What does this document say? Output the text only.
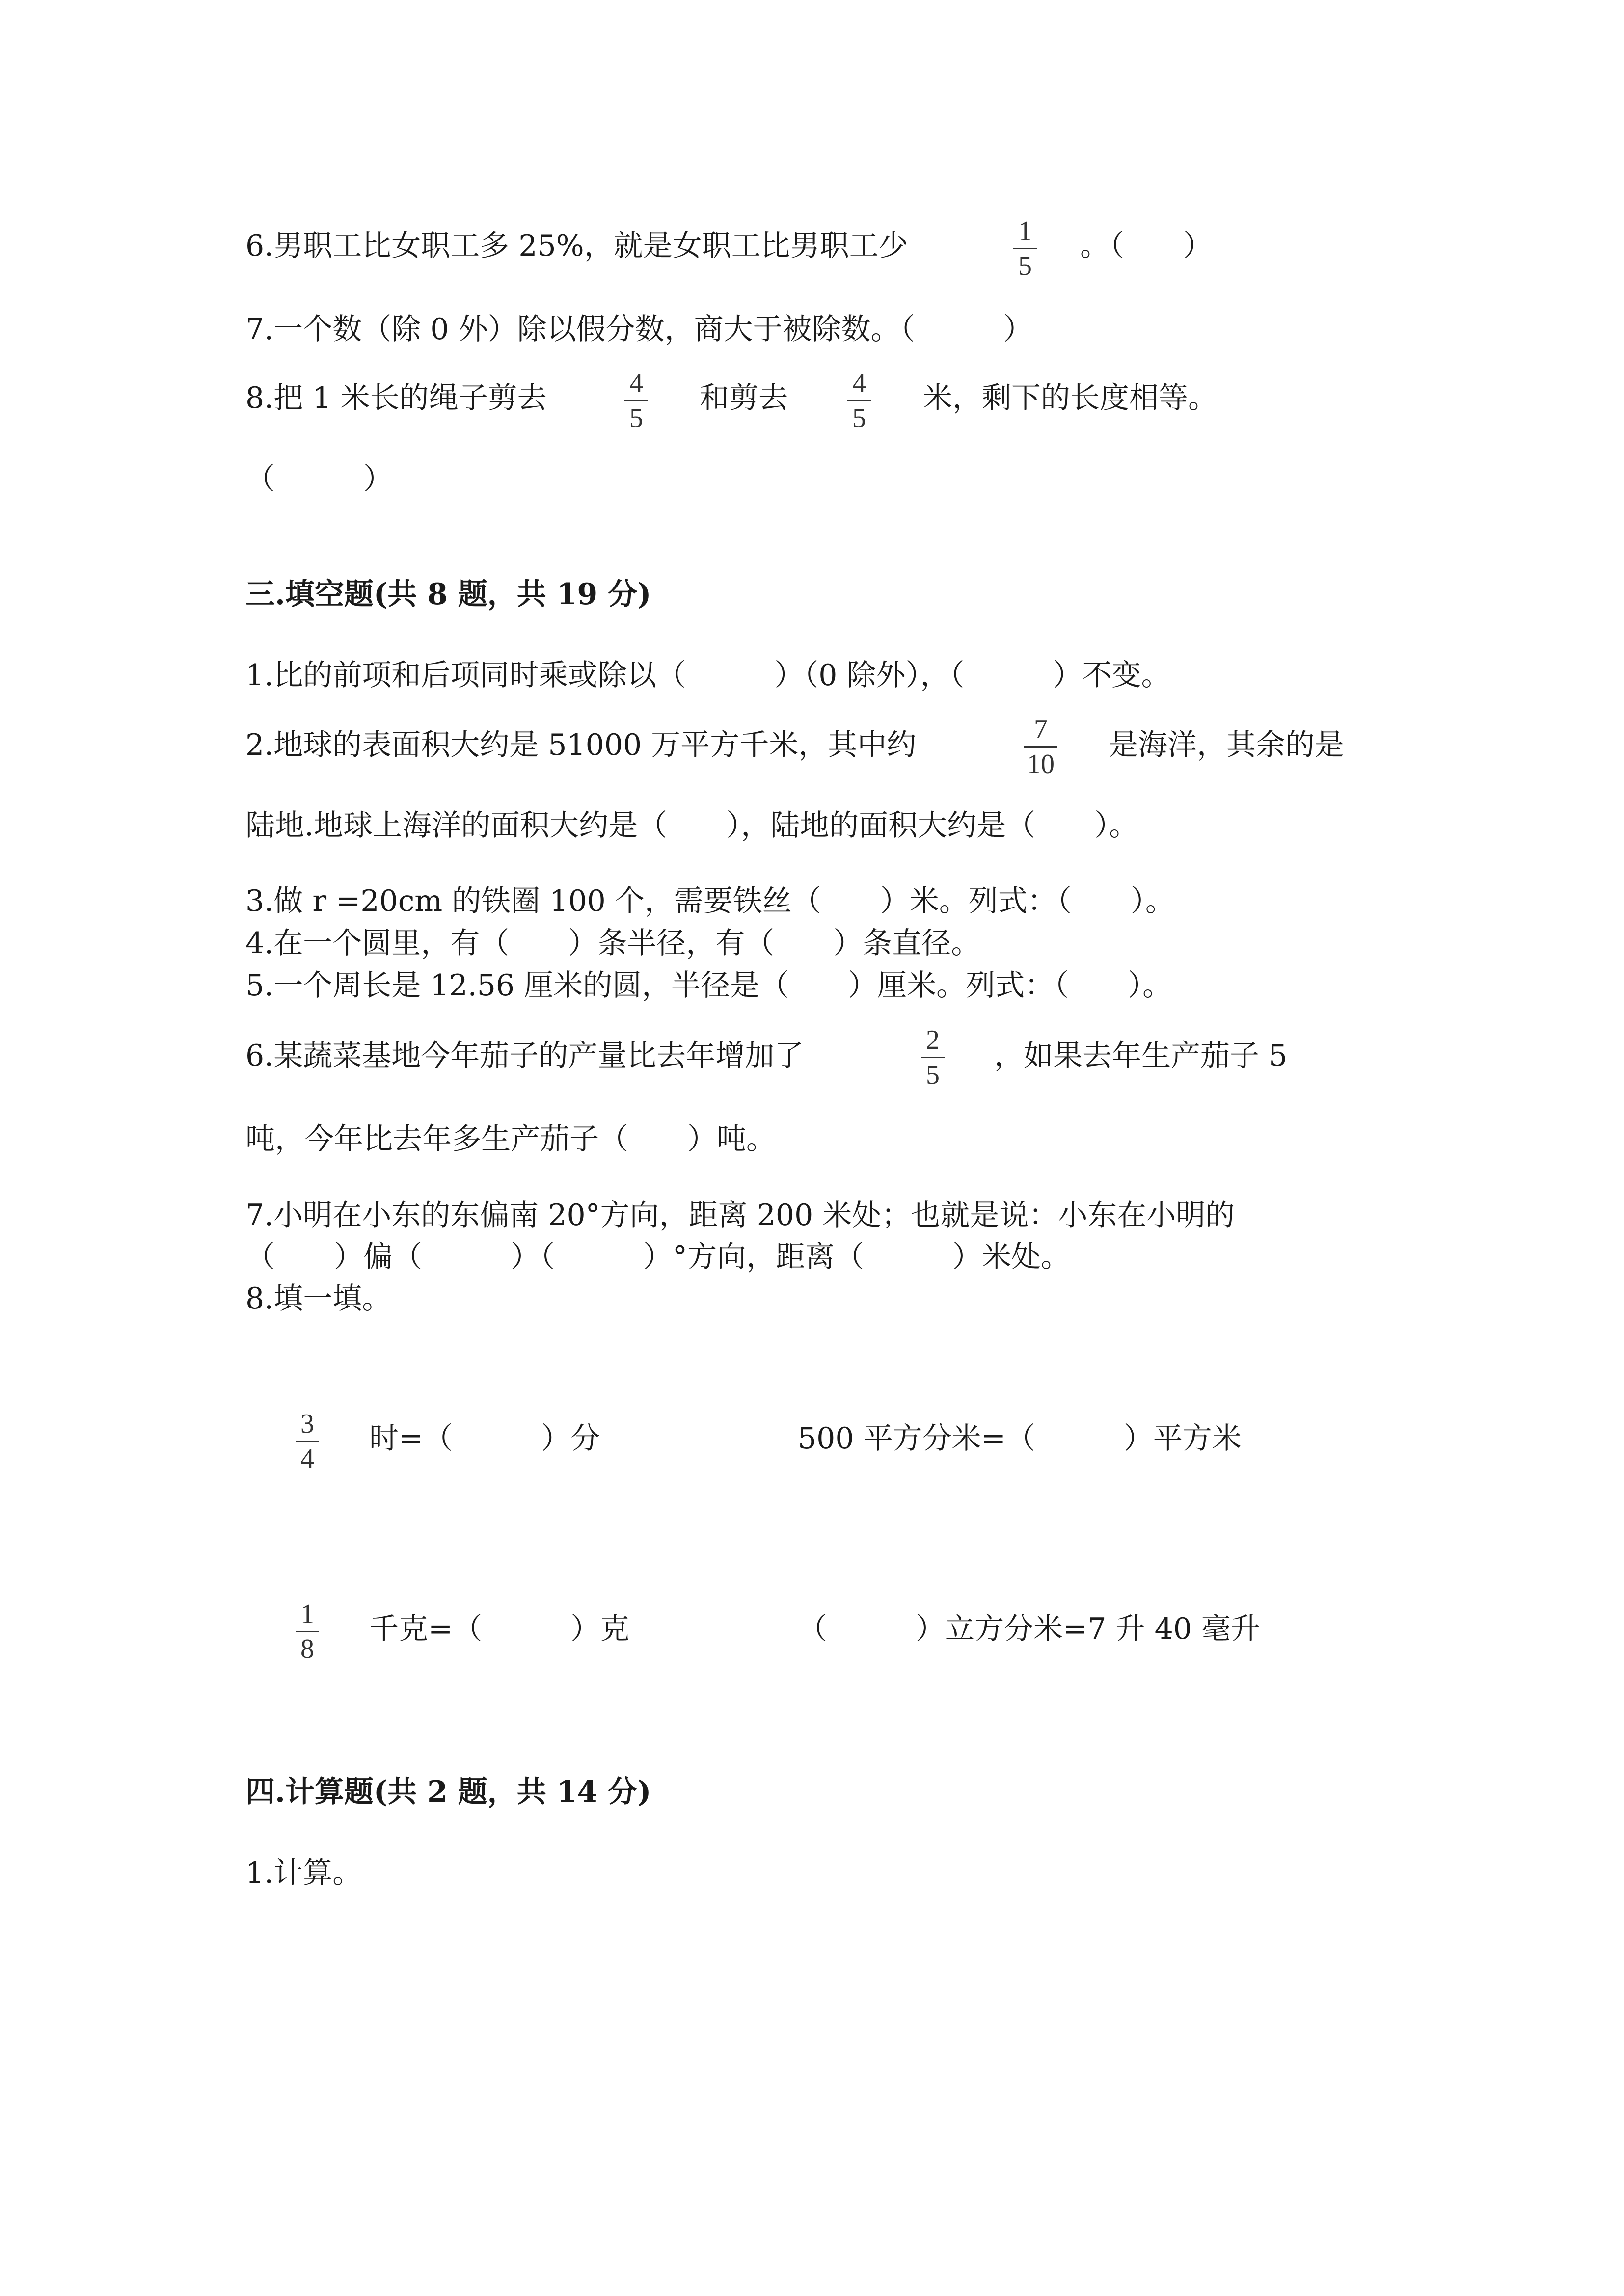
6.男职工比女职工多 25%，就是女职工比男职工少	1
5
。（　　）
7.一个数（除 0 外）除以假分数，商大于被除数。（　　　）
8.把 1 米长的绳子剪去	4
5
和剪去 4
5
米，剩下的长度相等。
（　　　）
三.填空题(共 8 题，共 19 分)
1.比的前项和后项同时乘或除以（　　　）（0 除外），（　　　）不变。
2.地球的表面积大约是 51000 万平方千米，其中约	7
10
是海洋，其余的是
陆地.地球上海洋的面积大约是（　　），陆地的面积大约是（　　）。
3.做 r =20cm 的铁圈 100 个，需要铁丝（　　）米。列式：（　　）。
4.在一个圆里，有（　　）条半径，有（　　）条直径。
5.一个周长是 12.56 厘米的圆，半径是（　　）厘米。列式：（　　）。
6.某蔬菜基地今年茄子的产量比去年增加了	2
5
，如果去年生产茄子 5
吨，今年比去年多生产茄子（　　）吨。
7.小明在小东的东偏南 20°方向，距离 200 米处；也就是说：小东在小明的
（　　）偏（　　　）（　　　）°方向，距离（　　　）米处。
8.填一填。
3
4
时=（　　　）分	500 平方分米=（　　　）平方米
1
8
千克=（　　　）克	（　　　）立方分米=7 升 40 毫升
四.计算题(共 2 题，共 14 分)
1.计算。
